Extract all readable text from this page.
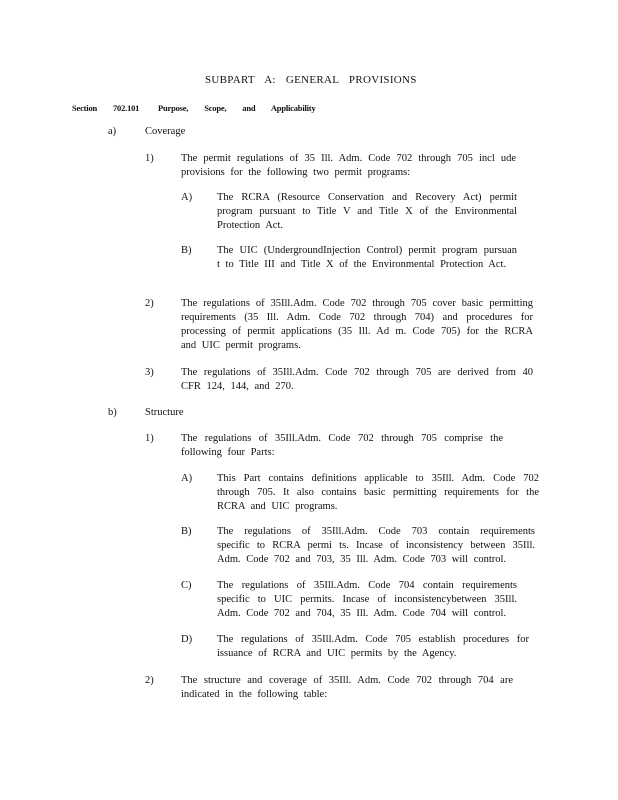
SUBPART A: GENERAL PROVISIONS
Section 702.101 Purpose, Scope, and Applicability
a)	Coverage
1)	The permit regulations of 35 Ill. Adm. Code 702 through 705 incl ude provisions for the following two permit programs:
A) The RCRA (Resource Conservation and Recovery Act) permit program pursuant to Title V and Title X of the Environmental Protection Act.
B) The UIC (UndergroundInjection Control) permit program pursuan t to Title III and Title X of the Environmental Protection Act.
2)	The regulations of 35Ill.Adm. Code 702 through 705 cover basic permitting requirements (35 Ill. Adm. Code 702 through 704) and procedures for processing of permit applications (35 Ill. Ad m. Code 705) for the RCRA and UIC permit programs.
3)	The regulations of 35Ill.Adm. Code 702 through 705 are derived from 40 CFR 124, 144, and 270.
b)	Structure
1)	The regulations of 35Ill.Adm. Code 702 through 705 comprise the following four Parts:
A) This Part contains definitions applicable to 35Ill. Adm. Code 702 through 705. It also contains basic permitting requirements for the RCRA and UIC programs.
B) The regulations of 35Ill.Adm. Code 703 contain requirements specific to RCRA permi ts. Incase of inconsistency between 35Ill. Adm. Code 702 and 703, 35 Ill. Adm. Code 703 will control.
C) The regulations of 35Ill.Adm. Code 704 contain requirements specific to UIC permits. Incase of inconsistencybetween 35Ill. Adm. Code 702 and 704, 35 Ill. Adm. Code 704 will control.
D) The regulations of 35Ill.Adm. Code 705 establish procedures for issuance of RCRA and UIC permits by the Agency.
2)	The structure and coverage of 35Ill. Adm. Code 702 through 704 are indicated in the following table:
